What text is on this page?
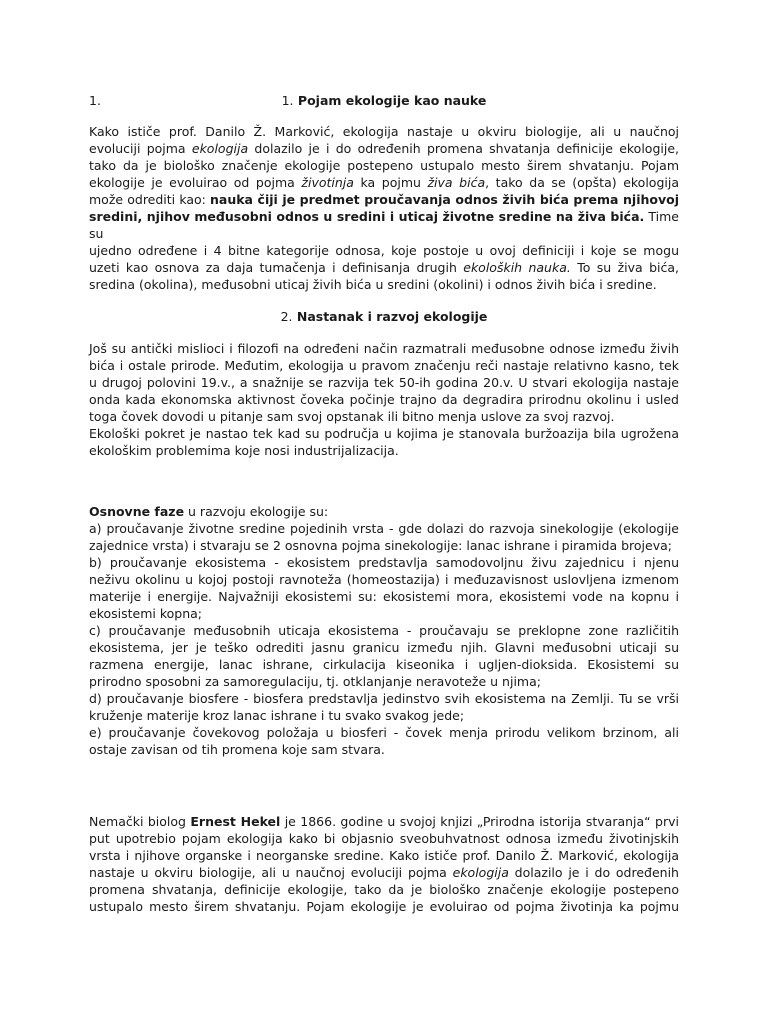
1.	1. Pojam ekologije kao nauke

Kako ističe prof. Danilo Ž. Marković, ekologija nastaje u okviru biologije, ali u naučnoj

evoluciji pojma ekologija dolazilo je i do određenih promena shvatanja definicije ekologije,

tako da je biološko značenje ekologije postepeno ustupalo mesto širem shvatanju. Pojam

ekologije je evoluirao od pojma životinja ka pojmu živa bića, tako da se (opšta) ekologija

može odrediti kao: nauka čiji je predmet proučavanja odnos živih bića prema njihovoj

sredini, njihov međusobni odnos u sredini i uticaj životne sredine na živa bića. Time su

ujedno određene i 4 bitne kategorije odnosa, koje postoje u ovoj definiciji i koje se mogu

uzeti kao osnova za daja tumačenja i definisanja drugih ekoloških nauka. To su živa bića,

sredina (okolina), međusobni uticaj živih bića u sredini (okolini) i odnos živih bića i sredine.

2. Nastanak i razvoj ekologije

Još su antički mislioci i filozofi na određeni način razmatrali međusobne odnose između živih

bića i ostale prirode. Međutim, ekologija u pravom značenju reči nastaje relativno kasno, tek

u drugoj polovini 19.v., a snažnije se razvija tek 50-ih godina 20.v. U stvari ekologija nastaje

onda kada ekonomska aktivnost čoveka počinje trajno da degradira prirodnu okolinu i usled

toga čovek dovodi u pitanje sam svoj opstanak ili bitno menja uslove za svoj razvoj.

Ekološki pokret je nastao tek kad su područja u kojima je stanovala buržoazija bila ugrožena

ekološkim problemima koje nosi industrijalizacija.

Osnovne faze u razvoju ekologije su:

a) proučavanje životne sredine pojedinih vrsta - gde dolazi do razvoja sinekologije (ekologije

zajednice vrsta) i stvaraju se 2 osnovna pojma sinekologije: lanac ishrane i piramida brojeva;

b) proučavanje ekosistema - ekosistem predstavlja samodovoljnu živu zajednicu i njenu

neživu okolinu u kojoj postoji ravnoteža (homeostazija) i međuzavisnost uslovljena izmenom

materije i energije. Najvažniji ekosistemi su: ekosistemi mora, ekosistemi vode na kopnu i

ekosistemi kopna;

c) proučavanje međusobnih uticaja ekosistema - proučavaju se preklopne zone različitih

ekosistema, jer je teško odrediti jasnu granicu između njih. Glavni međusobni uticaji su

razmena energije, lanac ishrane, cirkulacija kiseonika i ugljen-dioksida. Ekosistemi su

prirodno sposobni za samoregulaciju, tj. otklanjanje neravoteže u njima;

d) proučavanje biosfere - biosfera predstavlja jedinstvo svih ekosistema na Zemlji. Tu se vrši

kruženje materije kroz lanac ishrane i tu svako svakog jede;

e) proučavanje čovekovog položaja u biosferi - čovek menja prirodu velikom brzinom, ali

ostaje zavisan od tih promena koje sam stvara.

Nemački biolog Ernest Hekel je 1866. godine u svojoj knjizi „Prirodna istorija stvaranja“ prvi

put upotrebio pojam ekologija kako bi objasnio sveobuhvatnost odnosa između životinjskih

vrsta i njihove organske i neorganske sredine. Kako ističe prof. Danilo Ž. Marković, ekologija

nastaje u okviru biologije, ali u naučnoj evoluciji pojma ekologija dolazilo je i do određenih

promena shvatanja, definicije ekologije, tako da je biološko značenje ekologije postepeno

ustupalo mesto širem shvatanju. Pojam ekologije je evoluirao od pojma životinja ka pojmu
